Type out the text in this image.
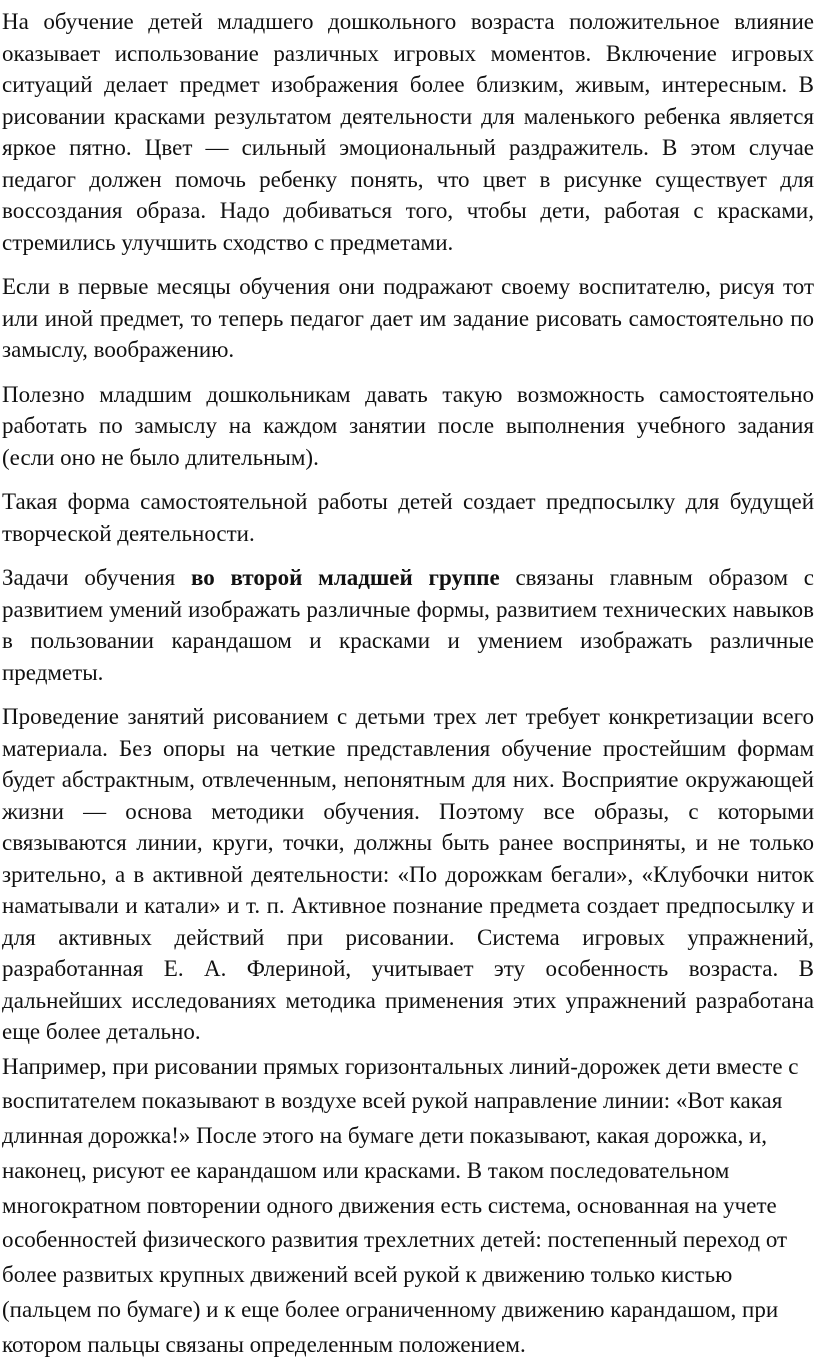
На обучение детей младшего дошкольного возраста положительное влияние оказывает использование различных игровых моментов. Включение игровых ситуаций делает предмет изображения более близким, живым, интересным. В рисовании красками результатом деятельности для маленького ребенка является яркое пятно. Цвет — сильный эмоциональный раздражитель. В этом случае педагог должен помочь ребенку понять, что цвет в рисунке существует для воссоздания образа. Надо добиваться того, чтобы дети, работая с красками, стремились улучшить сходство с предметами.

Если в первые месяцы обучения они подражают своему воспитателю, рисуя тот или иной предмет, то теперь педагог дает им задание рисовать самостоятельно по замыслу, воображению.

Полезно младшим дошкольникам давать такую возможность самостоятельно работать по замыслу на каждом занятии после выполнения учебного задания (если оно не было длительным).

Такая форма самостоятельной работы детей создает предпосылку для будущей творческой деятельности.

Задачи обучения во второй младшей группе связаны главным образом с развитием умений изображать различные формы, развитием технических навыков в пользовании карандашом и красками и умением изображать различные предметы.

Проведение занятий рисованием с детьми трех лет требует конкретизации всего материала. Без опоры на четкие представления обучение простейшим формам будет абстрактным, отвлеченным, непонятным для них. Восприятие окружающей жизни — основа методики обучения. Поэтому все образы, с которыми связываются линии, круги, точки, должны быть ранее восприняты, и не только зрительно, а в активной деятельности: «По дорожкам бегали», «Клубочки ниток наматывали и катали» и т. п. Активное познание предмета создает предпосылку и для активных действий при рисовании. Система игровых упражнений, разработанная Е. А. Флериной, учитывает эту особенность возраста. В дальнейших исследованиях методика применения этих упражнений разработана еще более детально.

Например, при рисовании прямых горизонтальных линий-дорожек дети вместе с воспитателем показывают в воздухе всей рукой направление линии: «Вот какая длинная дорожка!» После этого на бумаге дети показывают, какая дорожка, и, наконец, рисуют ее карандашом или красками. В таком последовательном многократном повторении одного движения есть система, основанная на учете особенностей физического развития трехлетних детей: постепенный переход от более развитых крупных движений всей рукой к движению только кистью (пальцем по бумаге) и к еще более ограниченному движению карандашом, при котором пальцы связаны определенным положением.
